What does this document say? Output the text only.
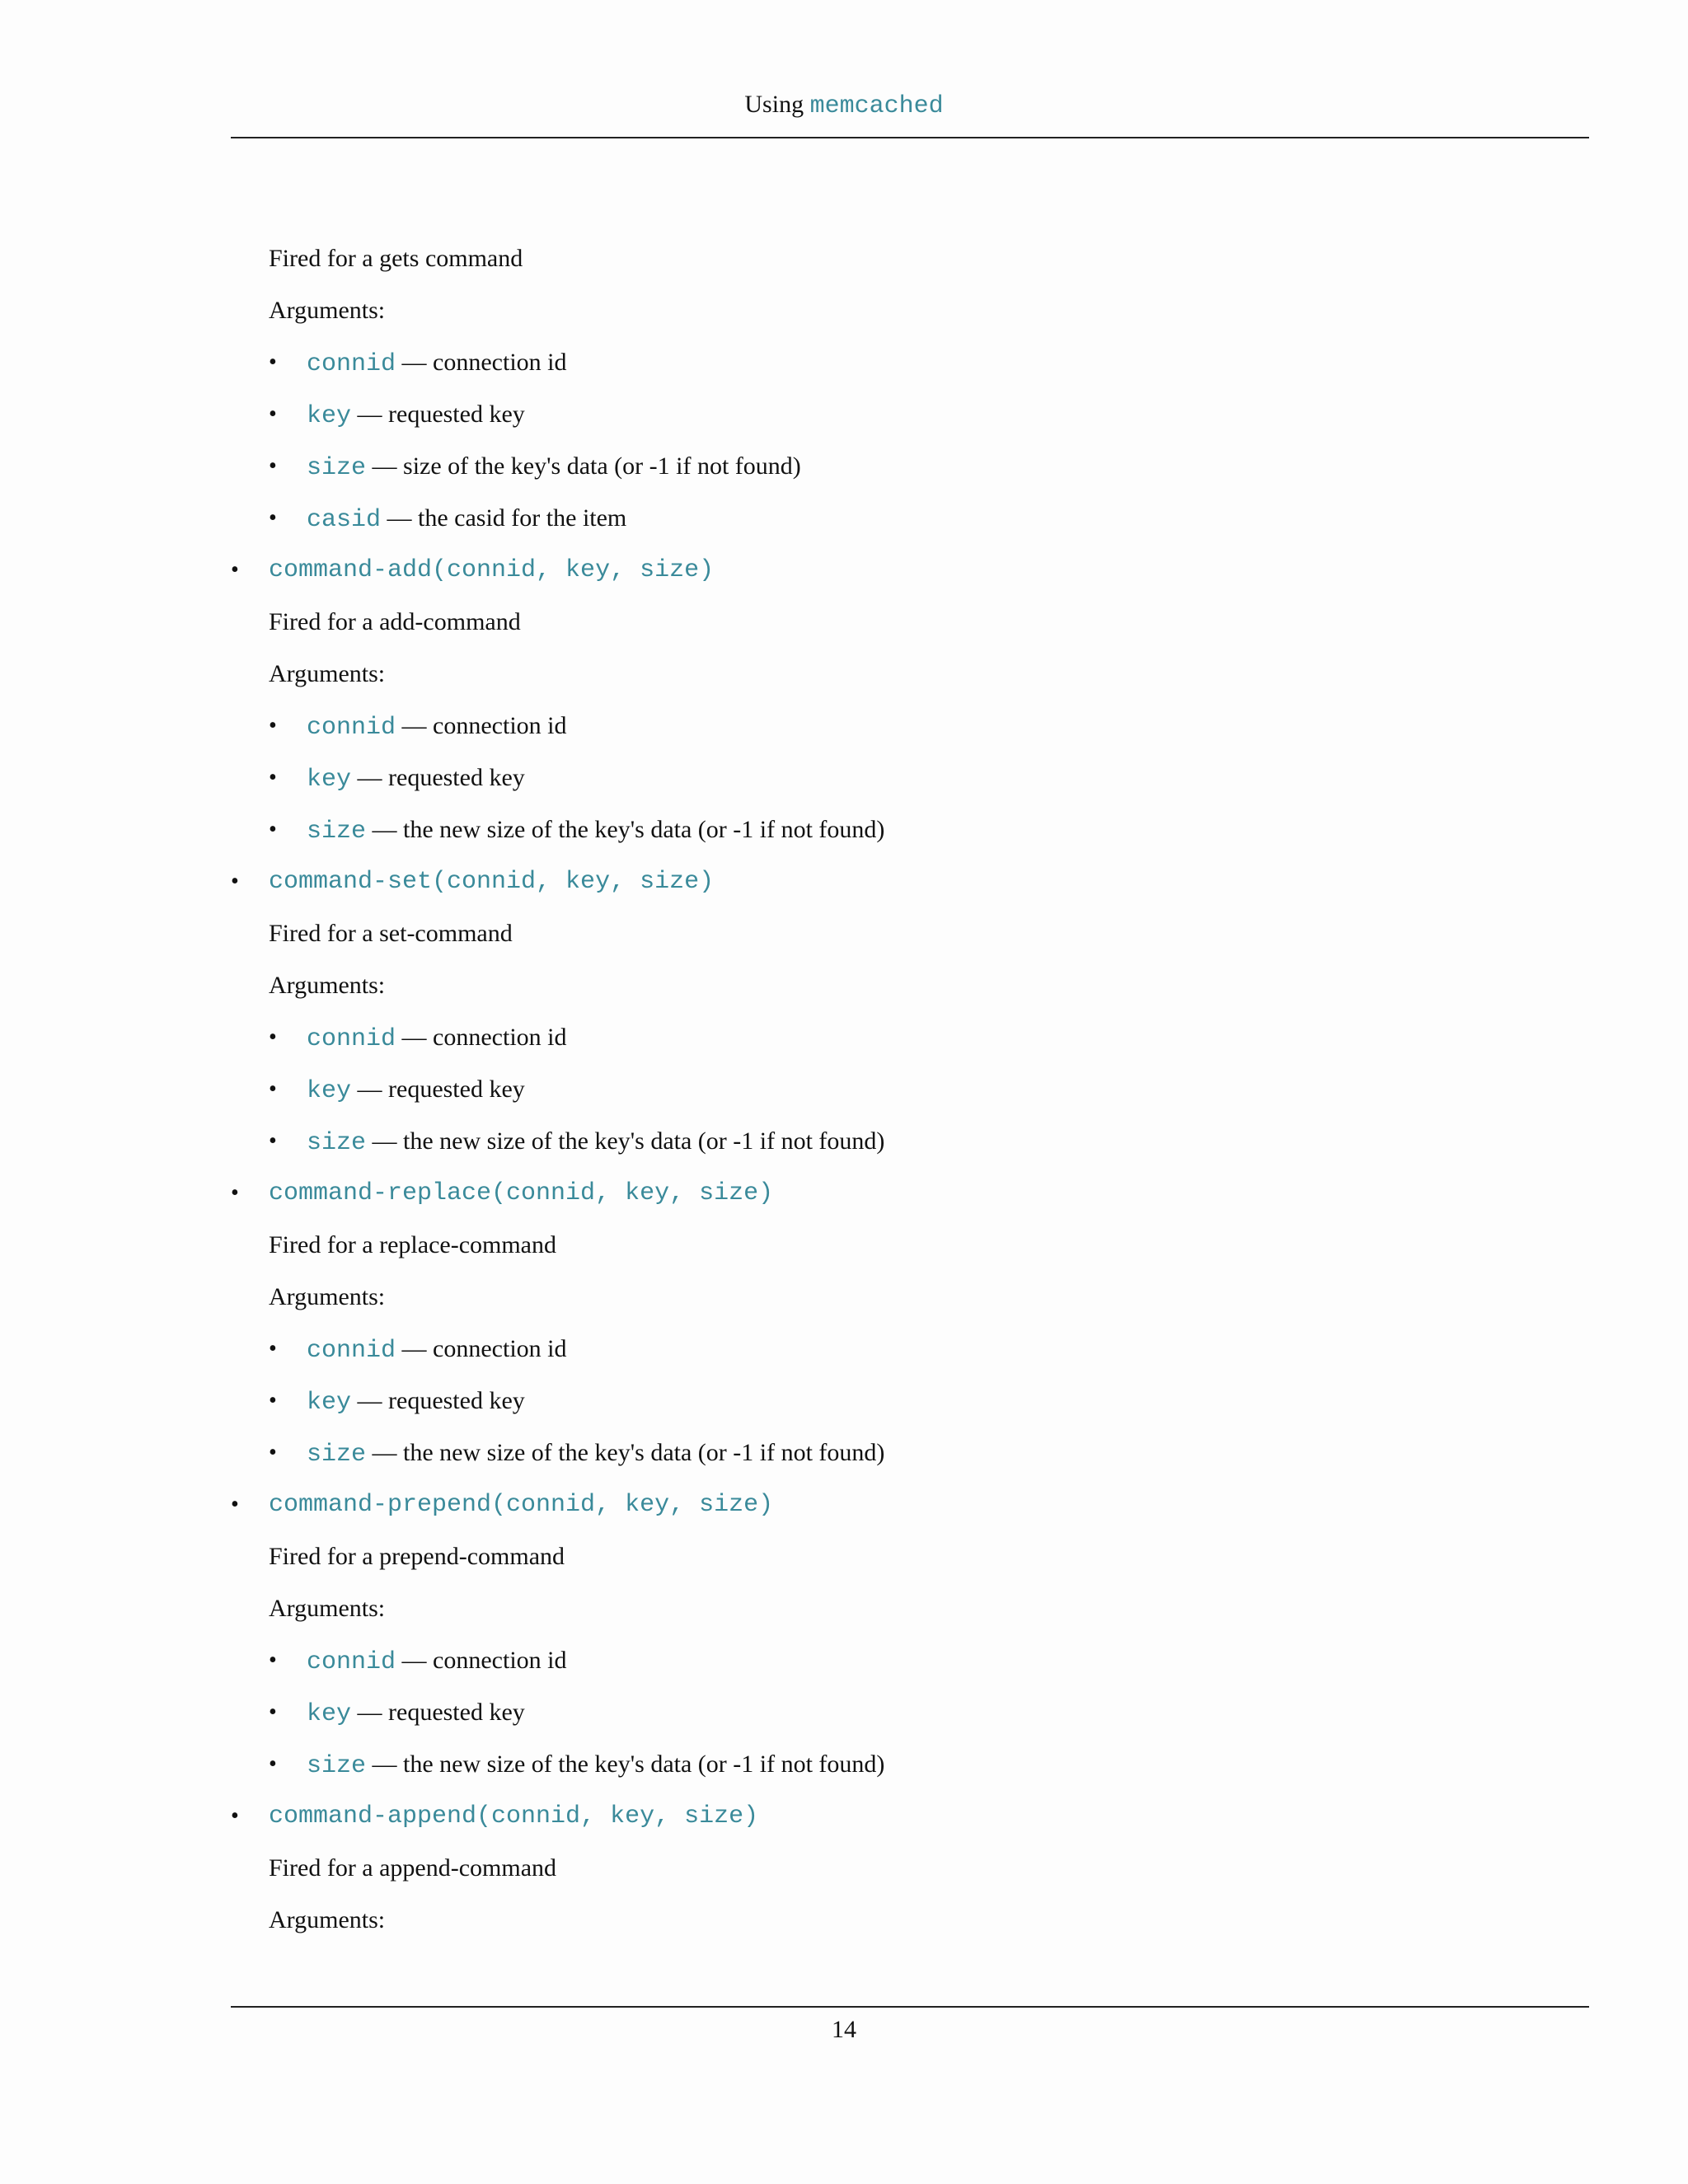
Using memcached
Fired for a gets command
Arguments:
• connid — connection id
• key — requested key
• size — size of the key's data (or -1 if not found)
• casid — the casid for the item
• command-add(connid, key, size)
Fired for a add-command
Arguments:
• connid — connection id
• key — requested key
• size — the new size of the key's data (or -1 if not found)
• command-set(connid, key, size)
Fired for a set-command
Arguments:
• connid — connection id
• key — requested key
• size — the new size of the key's data (or -1 if not found)
• command-replace(connid, key, size)
Fired for a replace-command
Arguments:
• connid — connection id
• key — requested key
• size — the new size of the key's data (or -1 if not found)
• command-prepend(connid, key, size)
Fired for a prepend-command
Arguments:
• connid — connection id
• key — requested key
• size — the new size of the key's data (or -1 if not found)
• command-append(connid, key, size)
Fired for a append-command
Arguments:
14
